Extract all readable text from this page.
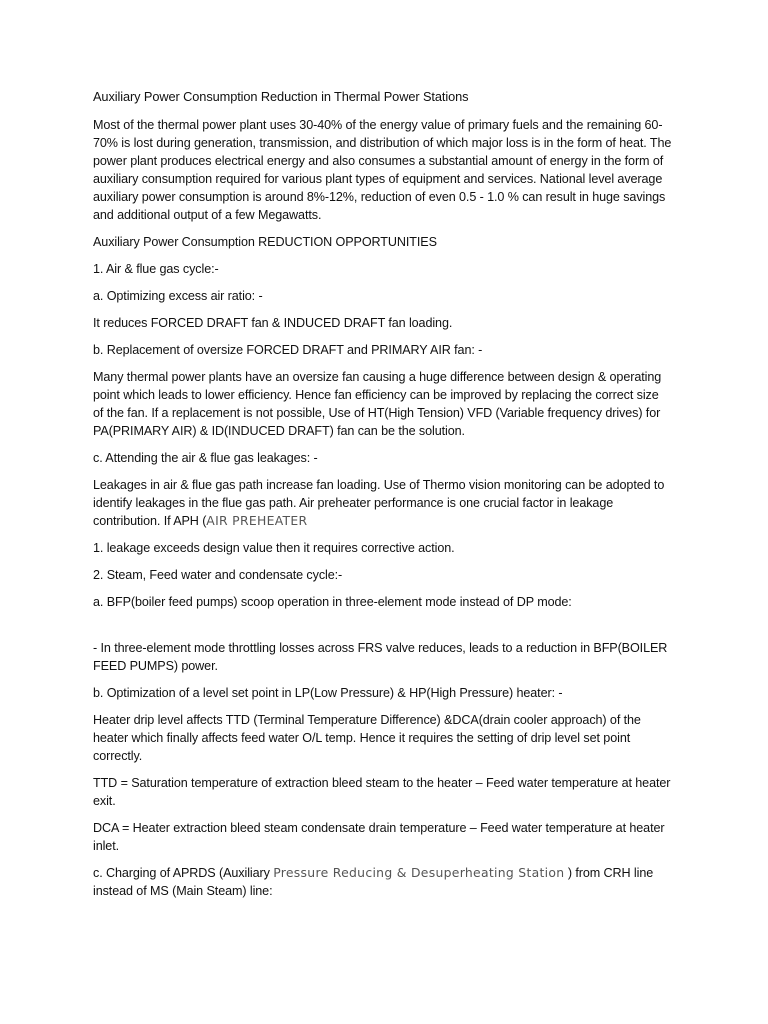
Auxiliary Power Consumption Reduction in Thermal Power Stations

Most of the thermal power plant uses 30-40% of the energy value of primary fuels and the remaining 60-70% is lost during generation, transmission, and distribution of which major loss is in the form of heat. The power plant produces electrical energy and also consumes a substantial amount of energy in the form of auxiliary consumption required for various plant types of equipment and services. National level average auxiliary power consumption is around 8%-12%, reduction of even 0.5 - 1.0 % can result in huge savings and additional output of a few Megawatts.

Auxiliary Power Consumption REDUCTION OPPORTUNITIES

1. Air & flue gas cycle:-

a. Optimizing excess air ratio: -

It reduces FORCED DRAFT fan & INDUCED DRAFT fan loading.

b. Replacement of oversize FORCED DRAFT and PRIMARY AIR fan: -

Many thermal power plants have an oversize fan causing a huge difference between design & operating point which leads to lower efficiency. Hence fan efficiency can be improved by replacing the correct size of the fan. If a replacement is not possible, Use of HT(High Tension) VFD (Variable frequency drives) for PA(PRIMARY AIR) & ID(INDUCED DRAFT) fan can be the solution.

c. Attending the air & flue gas leakages: -

Leakages in air & flue gas path increase fan loading. Use of Thermo vision monitoring can be adopted to identify leakages in the flue gas path. Air preheater performance is one crucial factor in leakage contribution. If APH (AIR PREHEATER

1. leakage exceeds design value then it requires corrective action.

2. Steam, Feed water and condensate cycle:-

a. BFP(boiler feed pumps) scoop operation in three-element mode instead of DP mode:

- In three-element mode throttling losses across FRS valve reduces, leads to a reduction in BFP(BOILER FEED PUMPS) power.

b. Optimization of a level set point in LP(Low Pressure) & HP(High Pressure) heater: -

Heater drip level affects TTD (Terminal Temperature Difference) &DCA(drain cooler approach) of the heater which finally affects feed water O/L temp. Hence it requires the setting of drip level set point correctly.

TTD = Saturation temperature of extraction bleed steam to the heater – Feed water temperature at heater exit.

DCA = Heater extraction bleed steam condensate drain temperature – Feed water temperature at heater inlet.

c. Charging of APRDS (Auxiliary Pressure Reducing & Desuperheating Station ) from CRH line instead of MS (Main Steam) line:
